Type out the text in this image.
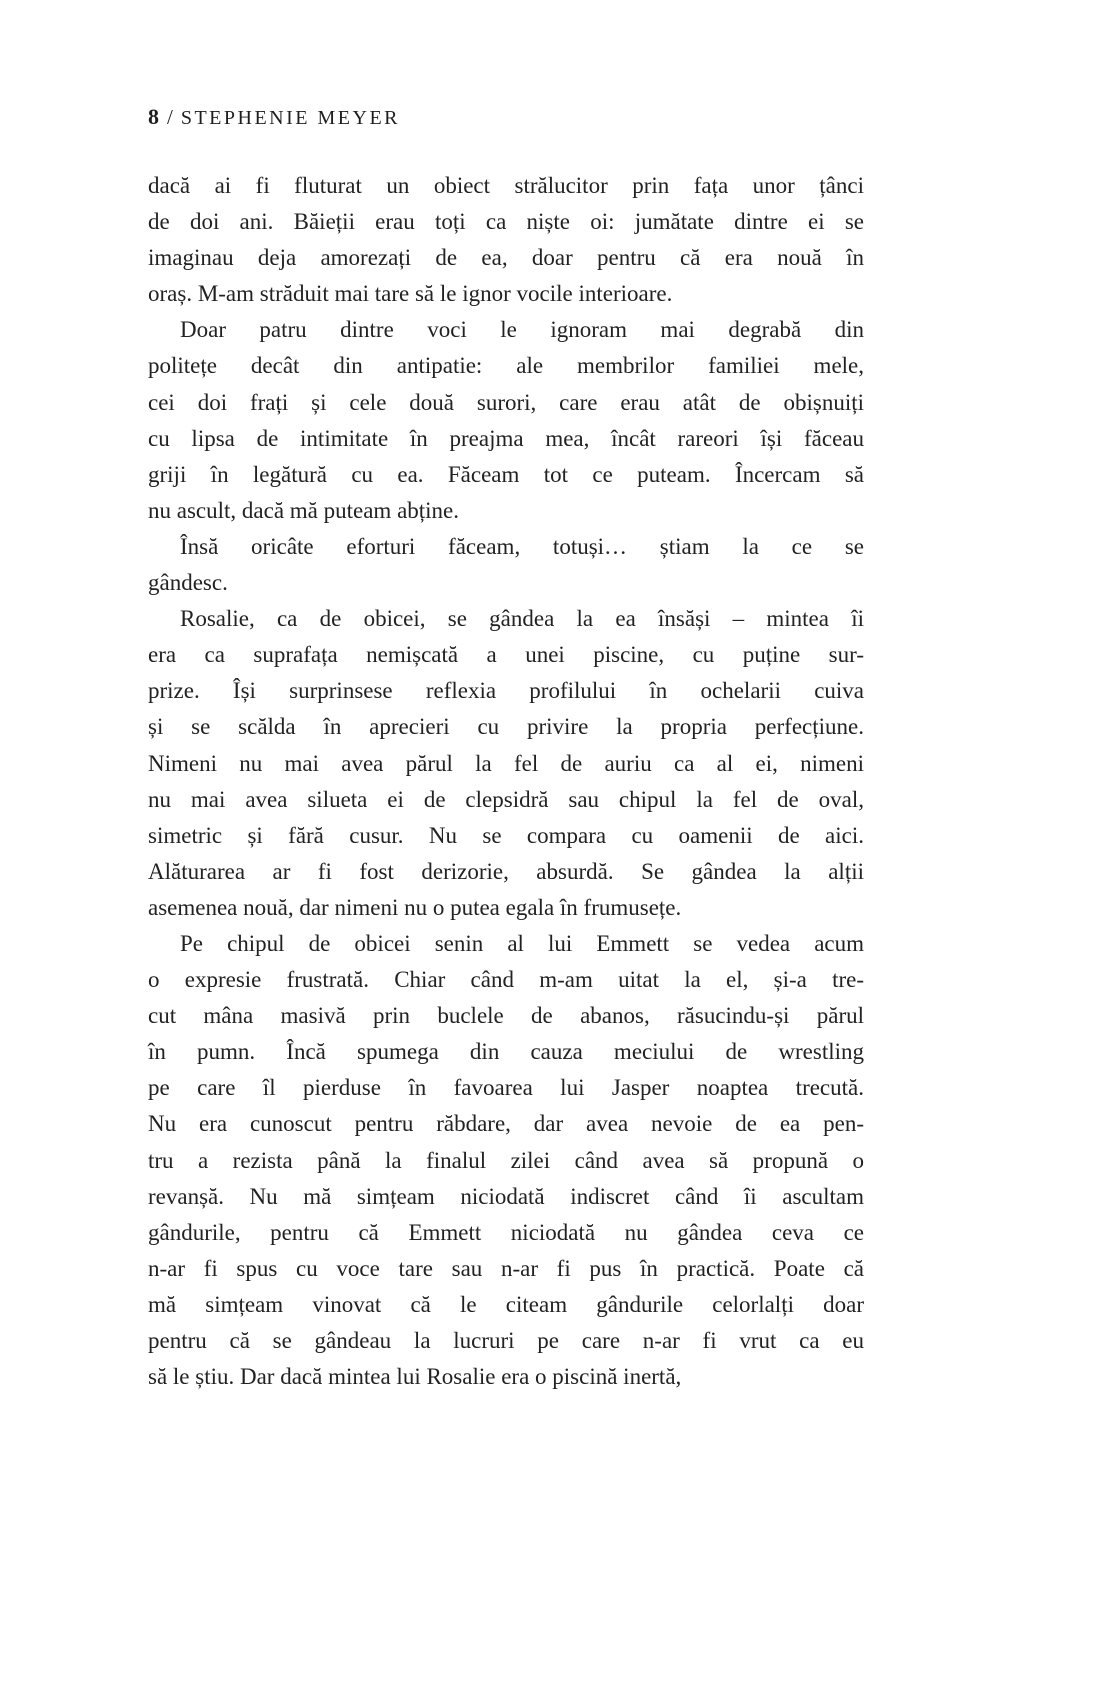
8 / STEPHENIE MEYER

dacă ai fi fluturat un obiect strălucitor prin fața unor țânci
de doi ani. Băieții erau toți ca niște oi: jumătate dintre ei se
imaginau deja amorezați de ea, doar pentru că era nouă în
oraș. M-am străduit mai tare să le ignor vocile interioare.

Doar patru dintre voci le ignoram mai degrabă din
politețe decât din antipatie: ale membrilor familiei mele,
cei doi frați și cele două surori, care erau atât de obișnuiți
cu lipsa de intimitate în preajma mea, încât rareori își făceau
griji în legătură cu ea. Făceam tot ce puteam. Încercam să
nu ascult, dacă mă puteam abține.

Însă oricâte eforturi făceam, totuși… știam la ce se
gândesc.

Rosalie, ca de obicei, se gândea la ea însăși – mintea îi
era ca suprafața nemișcată a unei piscine, cu puține sur-
prize. Își surprinsese reflexia profilului în ochelarii cuiva
și se scălda în aprecieri cu privire la propria perfecțiune.
Nimeni nu mai avea părul la fel de auriu ca al ei, nimeni
nu mai avea silueta ei de clepsidră sau chipul la fel de oval,
simetric și fără cusur. Nu se compara cu oamenii de aici.
Alăturarea ar fi fost derizorie, absurdă. Se gândea la alții
asemenea nouă, dar nimeni nu o putea egala în frumusețe.

Pe chipul de obicei senin al lui Emmett se vedea acum
o expresie frustrată. Chiar când m-am uitat la el, și-a tre-
cut mâna masivă prin buclele de abanos, răsucindu-și părul
în pumn. Încă spumega din cauza meciului de wrestling
pe care îl pierduse în favoarea lui Jasper noaptea trecută.
Nu era cunoscut pentru răbdare, dar avea nevoie de ea pen-
tru a rezista până la finalul zilei când avea să propună o
revanșă. Nu mă simțeam niciodată indiscret când îi ascultam
gândurile, pentru că Emmett niciodată nu gândea ceva ce
n-ar fi spus cu voce tare sau n-ar fi pus în practică. Poate că
mă simțeam vinovat că le citeam gândurile celorlalți doar
pentru că se gândeau la lucruri pe care n-ar fi vrut ca eu
să le știu. Dar dacă mintea lui Rosalie era o piscină inertă,
